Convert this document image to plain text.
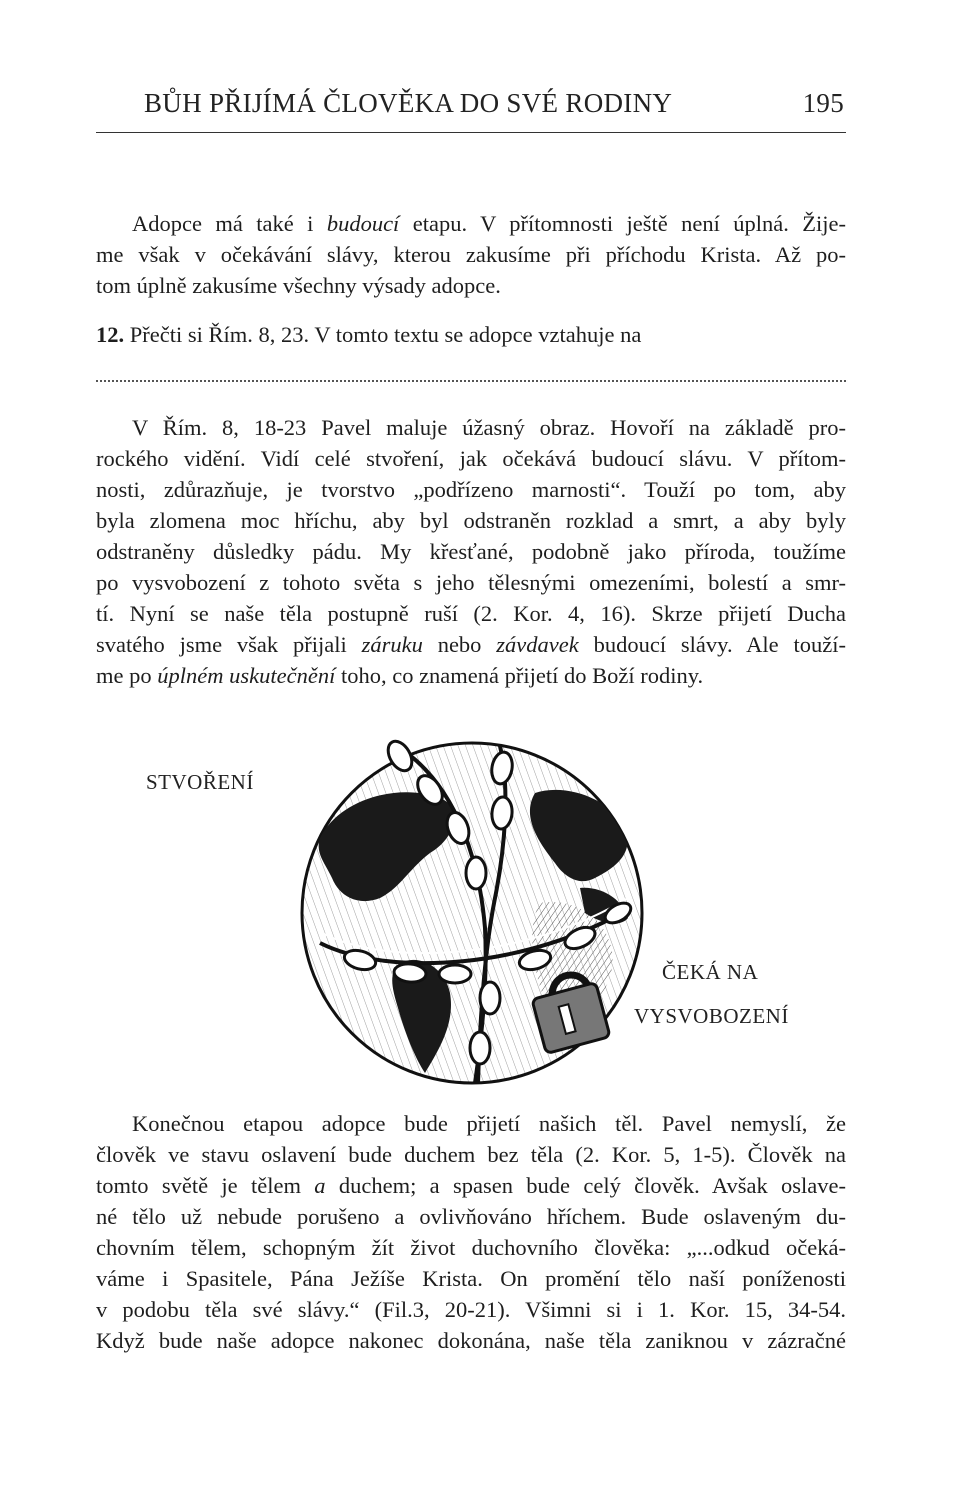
BŮH PŘIJÍMÁ ČLOVĚKA DO SVÉ RODINY	195
Adopce má také i budoucí etapu. V přítomnosti ještě není úplná. Žije-
me však v očekávání slávy, kterou zakusíme při příchodu Krista. Až po-
tom úplně zakusíme všechny výsady adopce.

12. Přečti si Řím. 8, 23. V tomto textu se adopce vztahuje na

V Řím. 8, 18-23 Pavel maluje úžasný obraz. Hovoří na základě pro-
rockého vidění. Vidí celé stvoření, jak očekává budoucí slávu. V přítom-
nosti, zdůrazňuje, je tvorstvo „podřízeno marnosti“. Touží po tom, aby
byla zlomena moc hříchu, aby byl odstraněn rozklad a smrt, a aby byly
odstraněny důsledky pádu. My křesťané, podobně jako příroda, toužíme
po vysvobození z tohoto světa s jeho tělesnými omezeními, bolestí a smr-
tí. Nyní se naše těla postupně ruší (2. Kor. 4, 16). Skrze přijetí Ducha
svatého jsme však přijali záruku nebo závdavek budoucí slávy. Ale touží-
me po úplném uskutečnění toho, co znamená přijetí do Boží rodiny.

STVOŘENÍ

ČEKÁ NA

VYSVOBOZENÍ

Konečnou etapou adopce bude přijetí našich těl. Pavel nemyslí, že
člověk ve stavu oslavení bude duchem bez těla (2. Kor. 5, 1-5). Člověk na
tomto světě je tělem a duchem; a spasen bude celý člověk. Avšak oslave-
né tělo už nebude porušeno a ovlivňováno hříchem. Bude oslaveným du-
chovním tělem, schopným žít život duchovního člověka: „...odkud očeká-
váme i Spasitele, Pána Ježíše Krista. On promění tělo naší poníženosti
v podobu těla své slávy.“ (Fil.3, 20-21). Všimni si i 1. Kor. 15, 34-54.
Když bude naše adopce nakonec dokonána, naše těla zaniknou v zázračné
